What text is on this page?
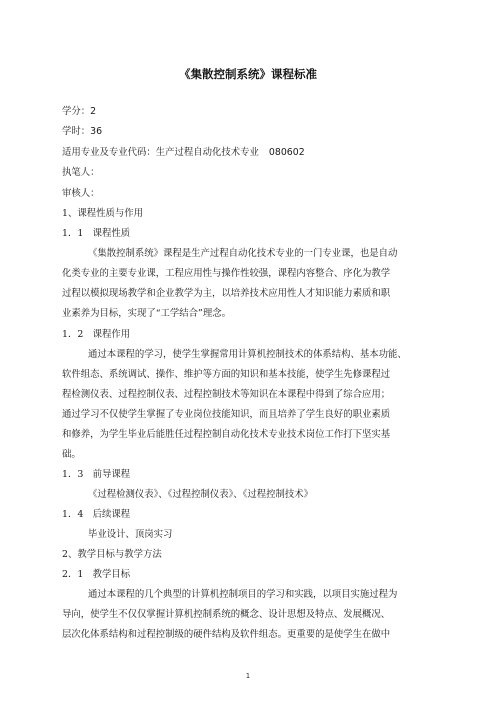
《集散控制系统》课程标准
学分：2
学时：36
适用专业及专业代码：生产过程自动化技术专业 080602
执笔人：
审核人：
1、课程性质与作用
1．1　课程性质
《集散控制系统》课程是生产过程自动化技术专业的一门专业课，也是自动
化类专业的主要专业课，工程应用性与操作性较强，课程内容整合、序化为教学
过程以模拟现场教学和企业教学为主，以培养技术应用性人才知识能力素质和职
业素养为目标，实现了“工学结合”理念。
1．2　课程作用
通过本课程的学习，使学生掌握常用计算机控制技术的体系结构、基本功能、
软件组态、系统调试、操作、维护等方面的知识和基本技能，使学生先修课程过
程检测仪表、过程控制仪表、过程控制技术等知识在本课程中得到了综合应用；
通过学习不仅使学生掌握了专业岗位技能知识，而且培养了学生良好的职业素质
和修养，为学生毕业后能胜任过程控制自动化技术专业技术岗位工作打下坚实基
础。
1．3　前导课程
《过程检测仪表》、《过程控制仪表》、《过程控制技术》
1．4　后续课程
毕业设计、顶岗实习
2、教学目标与教学方法
2．1　教学目标
通过本课程的几个典型的计算机控制项目的学习和实践，以项目实施过程为
导向，使学生不仅仅掌握计算机控制系统的概念、设计思想及特点、发展概况、
层次化体系结构和过程控制级的硬件结构及软件组态。更重要的是使学生在做中
1
